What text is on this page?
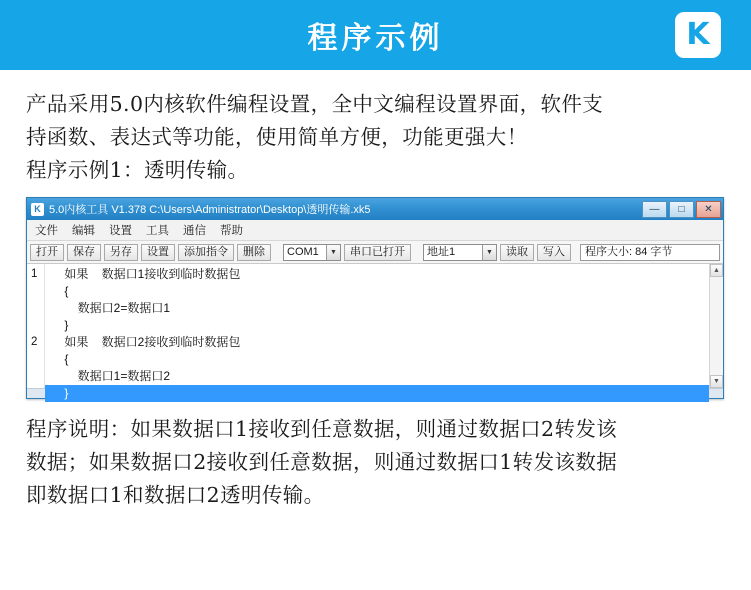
程序示例	K

产品采用5.0内核软件编程设置，全中文编程设置界面，软件支

持函数、表达式等功能，使用简单方便，功能更强大！

程序示例1：透明传输。

K 5.0内核工具 V1.378 C:\Users\Administrator\Desktop\透明传输.xk5	—	□	✕
文件 编辑 设置 工具 通信 帮助
打开	保存	另存	设置	添加指令	删除	COM1	▼	串口已打开	地址1	▼	读取	写入	程序大小: 84 字节
1
2
如果    数据口1接收到临时数据包
{
数据口2=数据口1
}
如果    数据口2接收到临时数据包
{
数据口1=数据口2
}
▲
▼

程序说明：如果数据口1接收到任意数据，则通过数据口2转发该

数据；如果数据口2接收到任意数据，则通过数据口1转发该数据

即数据口1和数据口2透明传输。
